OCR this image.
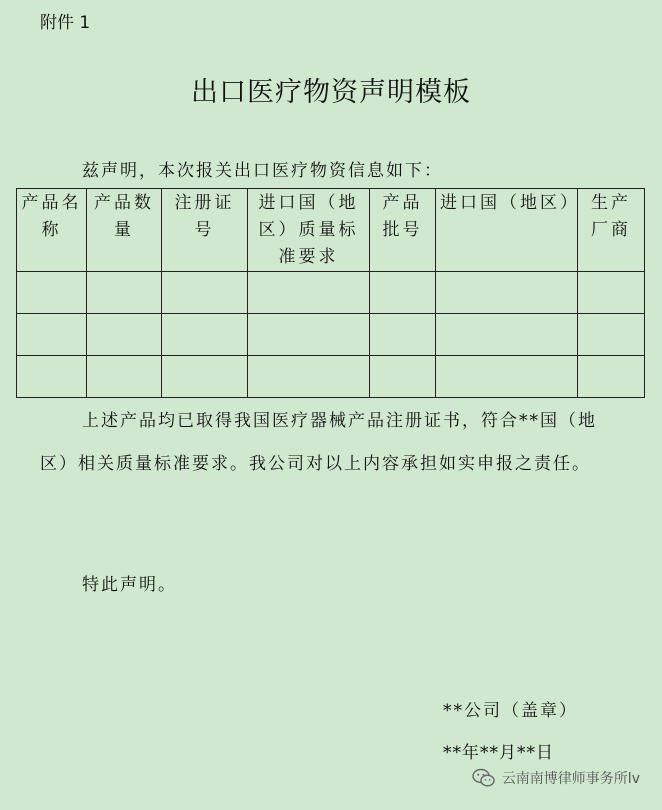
附件 1
出口医疗物资声明模板
兹声明，本次报关出口医疗物资信息如下：
产品名称	产品数量	注册证号	进口国（地区）质量标准要求	产品批号	进口国（地区）	生产厂商

上述产品均已取得我国医疗器械产品注册证书，符合**国（地区）相关质量标准要求。我公司对以上内容承担如实申报之责任。

特此声明。
**公司（盖章）
**年**月**日
云南南博律师事务所lv
